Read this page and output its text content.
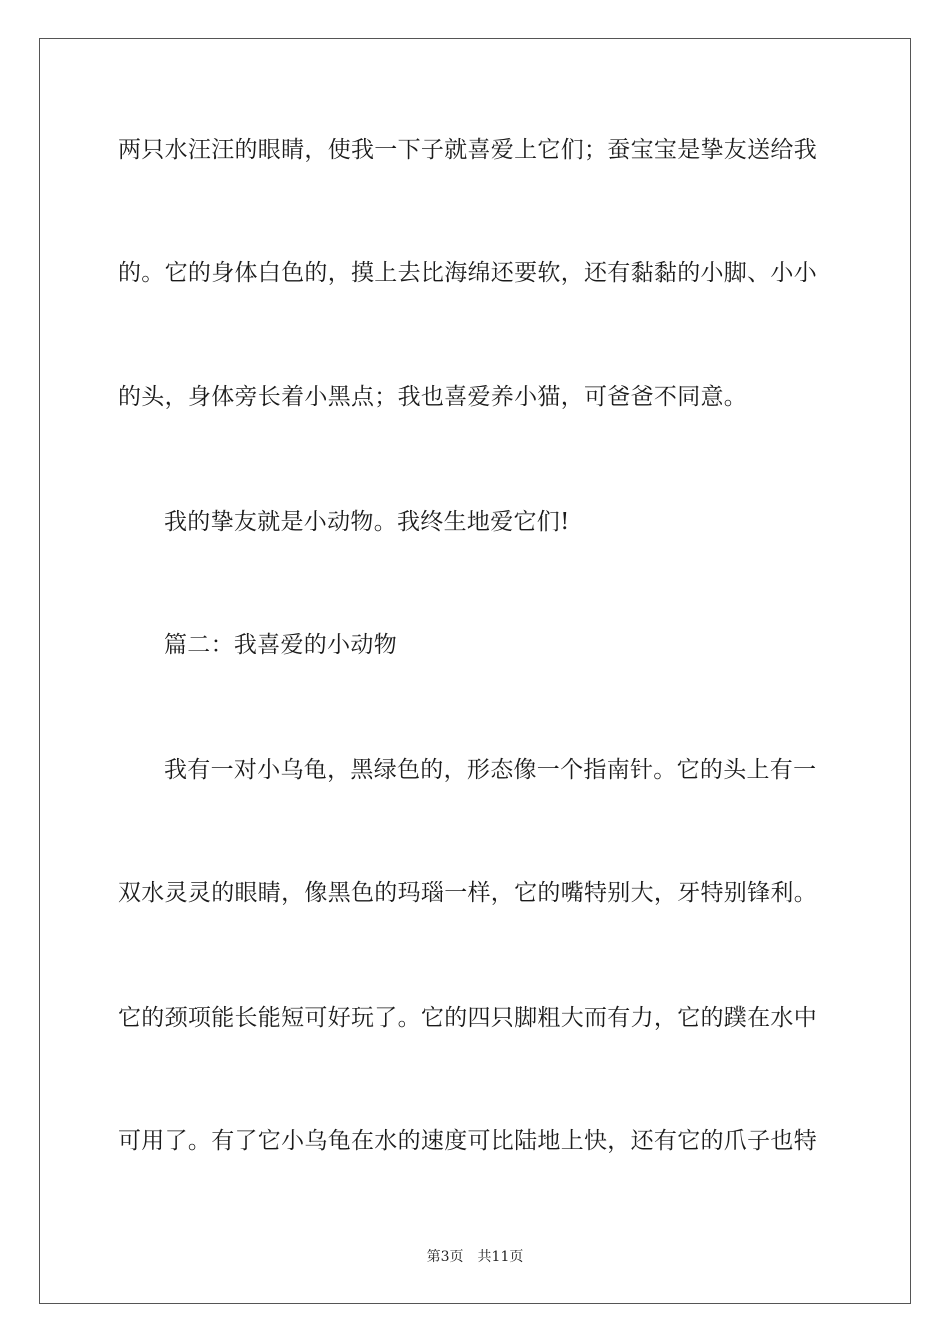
两只水汪汪的眼睛，使我一下子就喜爱上它们；蚕宝宝是挚友送给我
的。它的身体白色的，摸上去比海绵还要软，还有黏黏的小脚、小小
的头，身体旁长着小黑点；我也喜爱养小猫，可爸爸不同意。
我的挚友就是小动物。我终生地爱它们!
篇二：我喜爱的小动物
我有一对小乌龟，黑绿色的，形态像一个指南针。它的头上有一
双水灵灵的眼睛，像黑色的玛瑙一样，它的嘴特别大，牙特别锋利。
它的颈项能长能短可好玩了。它的四只脚粗大而有力，它的蹼在水中
可用了。有了它小乌龟在水的速度可比陆地上快，还有它的爪子也特
第3页 共11页
